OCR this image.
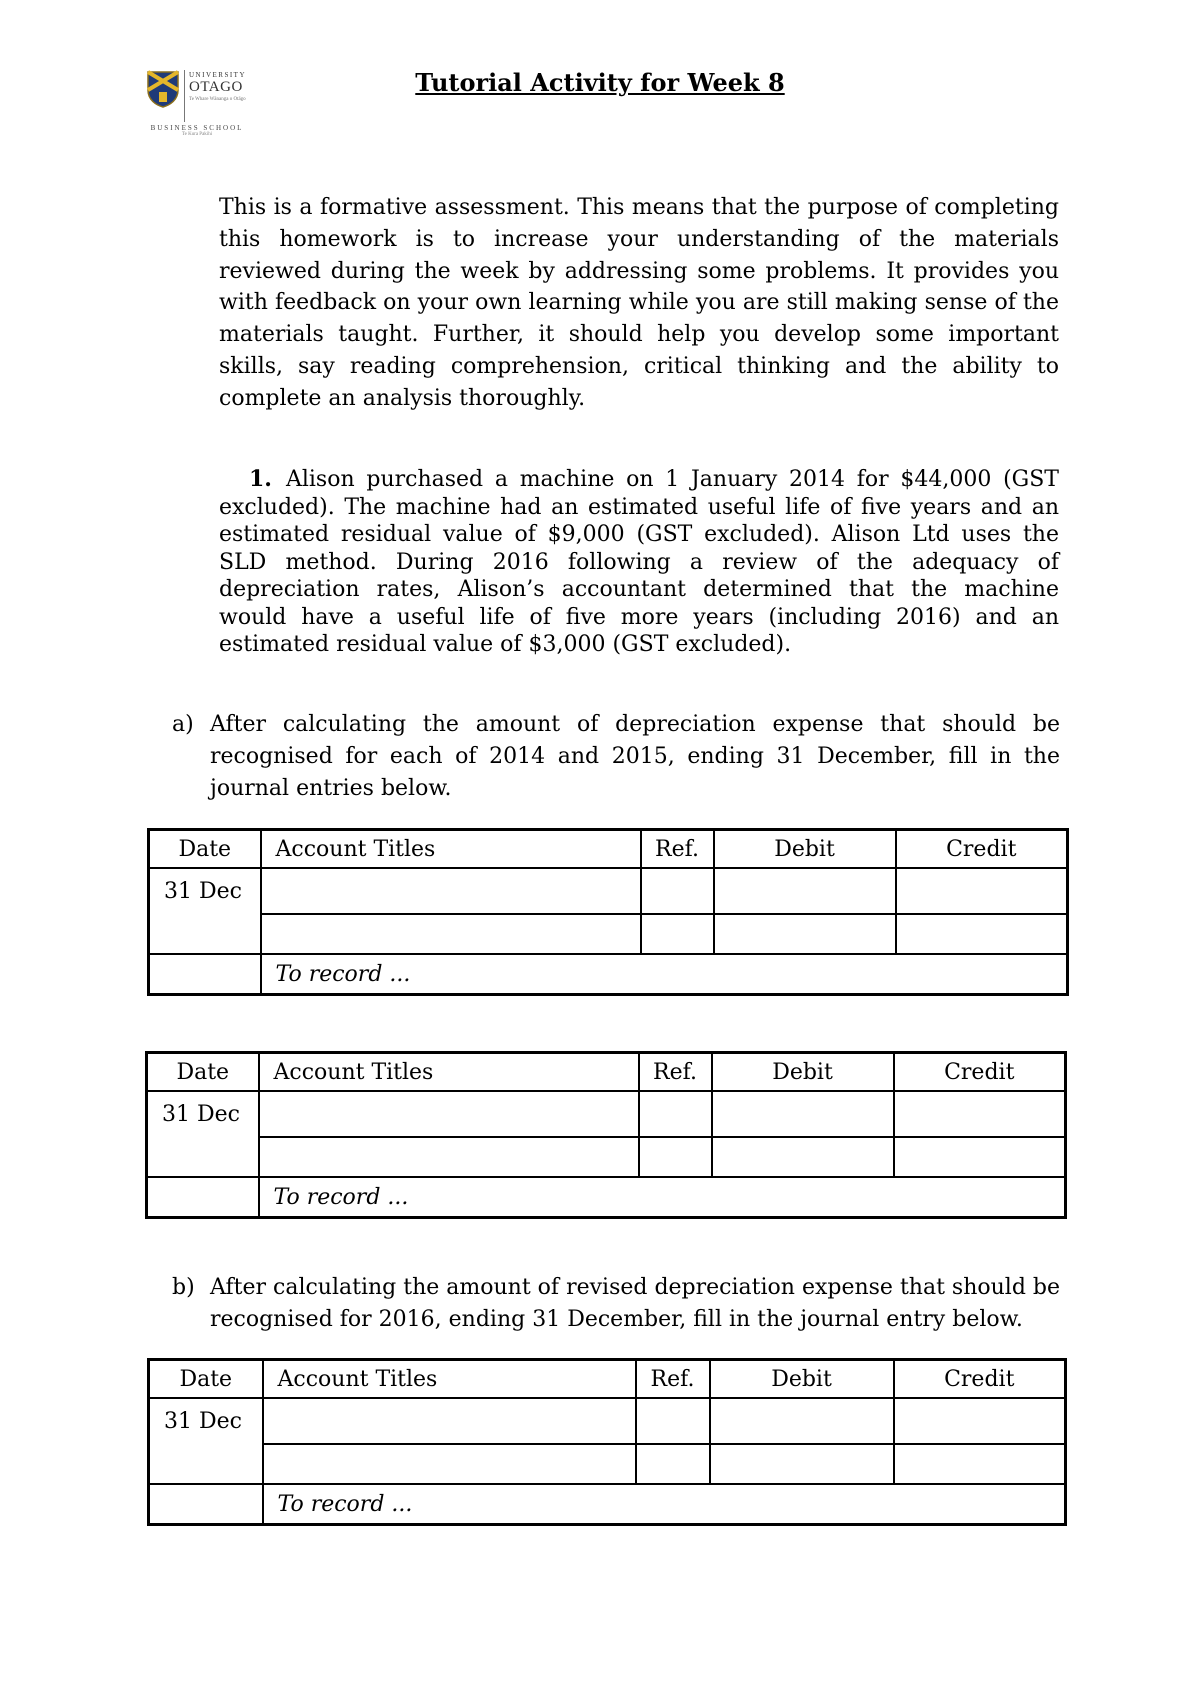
UNIVERSITY
OTAGO
Te Whare Wānanga o Otāgo
BUSINESS SCHOOL
Te Kura Pakihi
Tutorial Activity for Week 8

This is a formative assessment. This means that the purpose of completing this homework is to increase your understanding of the materials reviewed during the week by addressing some problems. It provides you with feedback on your own learning while you are still making sense of the materials taught. Further, it should help you develop some important skills, say reading comprehension, critical thinking and the ability to complete an analysis thoroughly.

1. Alison purchased a machine on 1 January 2014 for $44,000 (GST excluded). The machine had an estimated useful life of five years and an estimated residual value of $9,000 (GST excluded). Alison Ltd uses the SLD method. During 2016 following a review of the adequacy of depreciation rates, Alison’s accountant determined that the machine would have a useful life of five more years (including 2016) and an estimated residual value of $3,000 (GST excluded).

a) After calculating the amount of depreciation expense that should be recognised for each of 2014 and 2015, ending 31 December, fill in the journal entries below.
Date	Account Titles	Ref.	Debit	Credit
31 Dec				

	To record ...			
Date	Account Titles	Ref.	Debit	Credit
31 Dec				

	To record ...			
b) After calculating the amount of revised depreciation expense that should be recognised for 2016, ending 31 December, fill in the journal entry below.
Date	Account Titles	Ref.	Debit	Credit
31 Dec				

	To record ...			
